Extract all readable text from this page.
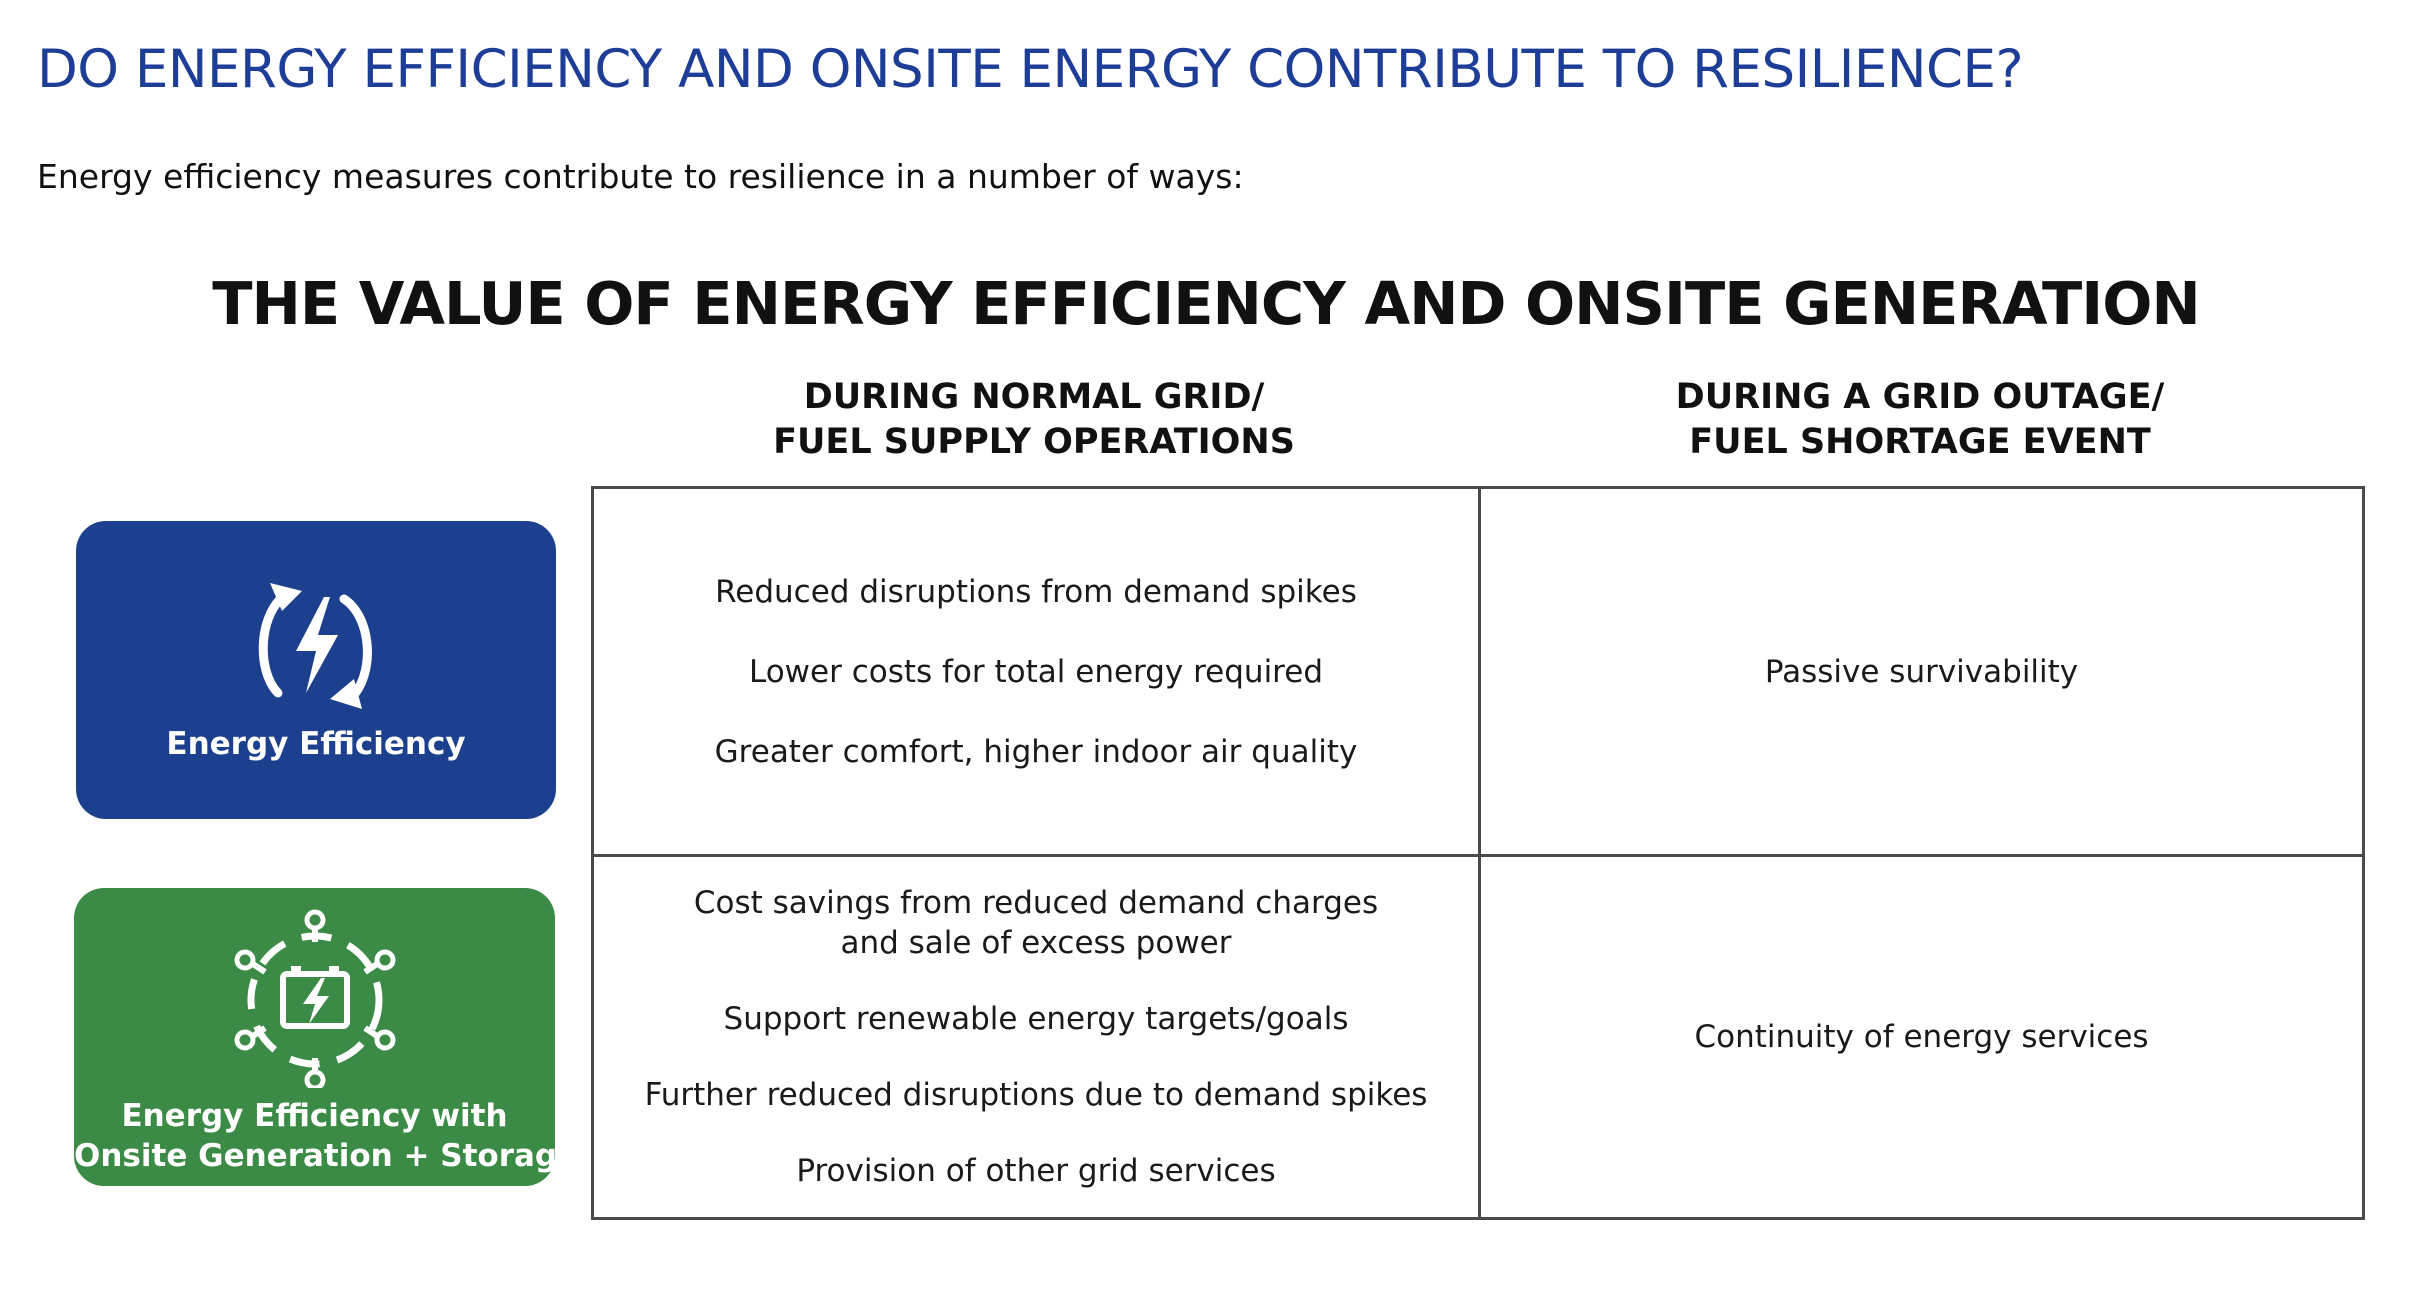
DO ENERGY EFFICIENCY AND ONSITE ENERGY CONTRIBUTE TO RESILIENCE?
Energy efficiency measures contribute to resilience in a number of ways:
THE VALUE OF ENERGY EFFICIENCY AND ONSITE GENERATION
DURING NORMAL GRID/
FUEL SUPPLY OPERATIONS
DURING A GRID OUTAGE/
FUEL SHORTAGE EVENT
Energy Efficiency
Energy Efficiency with
Onsite Generation + Storage
Reduced disruptions from demand spikes
Lower costs for total energy required
Greater comfort, higher indoor air quality
Passive survivability
Cost savings from reduced demand charges
and sale of excess power
Support renewable energy targets/goals
Further reduced disruptions due to demand spikes
Provision of other grid services
Continuity of energy services
